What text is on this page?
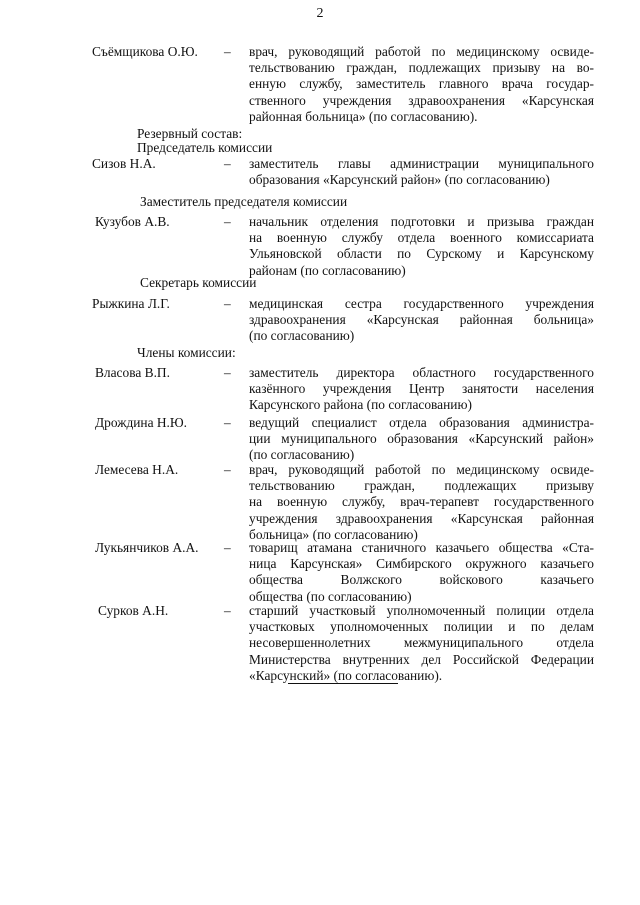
2
Съёмщикова О.Ю. – врач, руководящий работой по медицинскому освиде-
тельствованию граждан, подлежащих призыву на во-
енную службу, заместитель главного врача государ-
ственного учреждения здравоохранения «Карсунская
районная больница» (по согласованию).
Резервный состав:
Председатель комиссии
Сизов Н.А.	– заместитель главы администрации муниципального
образования «Карсунский район» (по согласованию)
Заместитель председателя комиссии
Кузубов А.В.	– начальник отделения подготовки и призыва граждан
на военную службу отдела военного комиссариата
Ульяновской области по Сурскому и Карсунскому
районам (по согласованию)
Секретарь комиссии
Рыжкина Л.Г.	– медицинская сестра государственного учреждения
здравоохранения «Карсунская районная больница»
(по согласованию)
Члены комиссии:
Власова В.П.	– заместитель директора областного государственного
казённого учреждения Центр занятости населения
Карсунского района (по согласованию)
Дрождина Н.Ю.	– ведущий специалист отдела образования администра-
ции муниципального образования «Карсунский район»
(по согласованию)
Лемесева Н.А.	– врач, руководящий работой по медицинскому освиде-
тельствованию граждан, подлежащих призыву
на военную службу, врач-терапевт государственного
учреждения здравоохранения «Карсунская районная
больница» (по согласованию)
Лукьянчиков А.А. – товарищ атамана станичного казачьего общества «Ста-
ница Карсунская» Симбирского окружного казачьего
общества Волжского войскового казачьего
общества (по согласованию)
Сурков А.Н.	– старший участковый уполномоченный полиции отдела
участковых уполномоченных полиции и по делам
несовершеннолетних межмуниципального отдела
Министерства внутренних дел Российской Федерации
«Карсунский» (по согласованию).
